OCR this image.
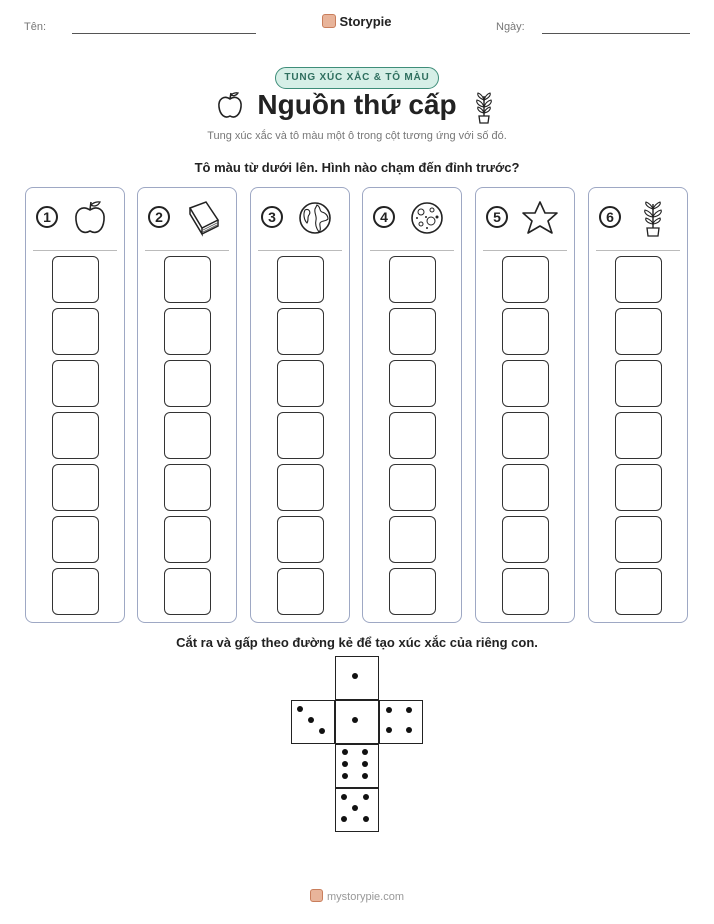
Tên:	Storypie	Ngày:
TUNG XÚC XẮC & TÔ MÀU
Nguồn thứ cấp
Tung xúc xắc và tô màu một ô trong cột tương ứng với số đó.
Tô màu từ dưới lên. Hình nào chạm đến đỉnh trước?
1	2	3	4	5	6
Cắt ra và gấp theo đường kẻ để tạo xúc xắc của riêng con.
mystorypie.com
